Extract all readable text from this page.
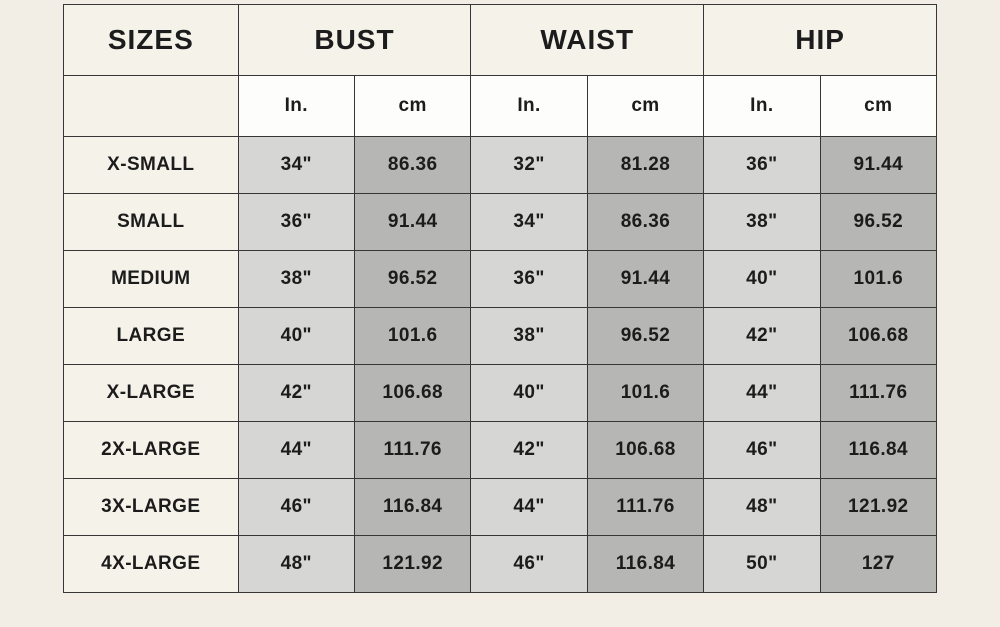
SIZES	BUST		WAIST		HIP	
	In.	cm	In.	cm	In.	cm
X-SMALL	34"	86.36	32"	81.28	36"	91.44
SMALL	36"	91.44	34"	86.36	38"	96.52
MEDIUM	38"	96.52	36"	91.44	40"	101.6
LARGE	40"	101.6	38"	96.52	42"	106.68
X-LARGE	42"	106.68	40"	101.6	44"	111.76
2X-LARGE	44"	111.76	42"	106.68	46"	116.84
3X-LARGE	46"	116.84	44"	111.76	48"	121.92
4X-LARGE	48"	121.92	46"	116.84	50"	127
